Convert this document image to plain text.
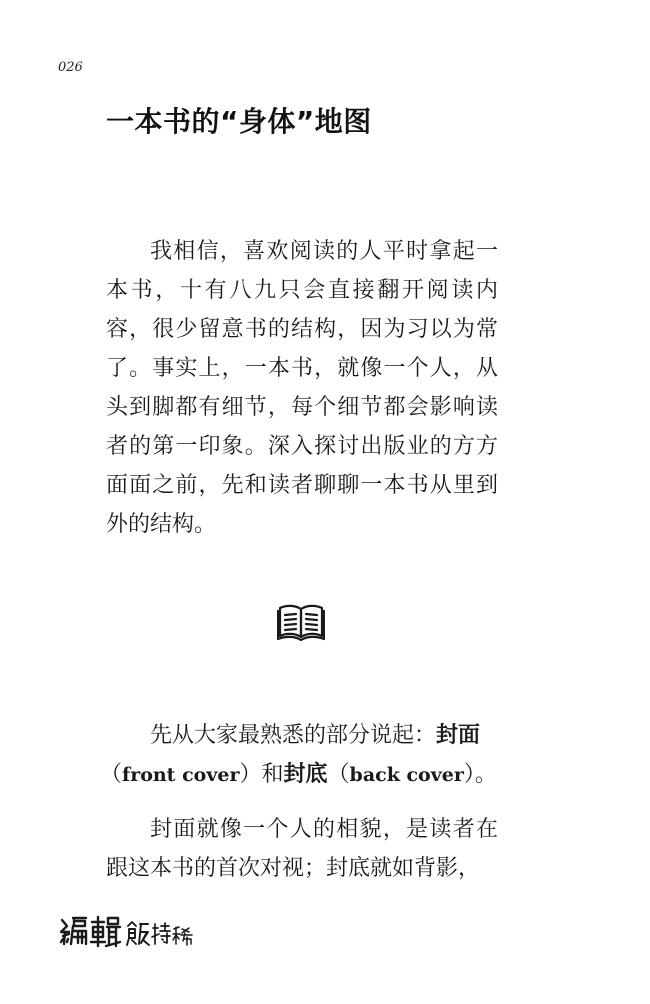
026
一本书的“身体”地图

我相信，喜欢阅读的人平时拿起一本书，十有八九只会直接翻开阅读内容，很少留意书的结构，因为习以为常了。事实上，一本书，就像一个人，从头到脚都有细节，每个细节都会影响读者的第一印象。深入探讨出版业的方方面面之前，先和读者聊聊一本书从里到外的结构。

先从大家最熟悉的部分说起：封面
（front cover）和封底（back cover）。

封面就像一个人的相貌，是读者在跟这本书的首次对视；封底就如背影，
